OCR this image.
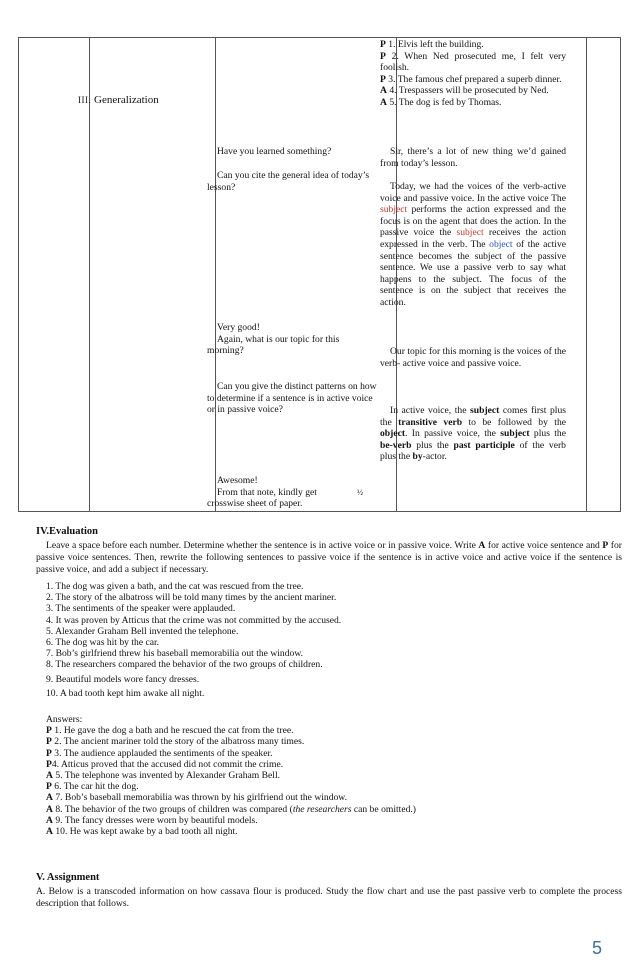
III. Generalization
P 1. Elvis left the building.
P 2. When Ned prosecuted me, I felt very foolish.
P 3. The famous chef prepared a superb dinner.
A 4. Trespassers will be prosecuted by Ned.
A 5. The dog is fed by Thomas.

Have you learned something?

Can you cite the general idea of today’s lesson?

Sir, there’s a lot of new thing we’d gained from today’s lesson.

Today, we had the voices of the verb-active voice and passive voice. In the active voice The subject performs the action expressed and the focus is on the agent that does the action. In the passive voice the subject receives the action expressed in the verb. The object of the active sentence becomes the subject of the passive sentence. We use a passive verb to say what happens to the subject. The focus of the sentence is on the subject that receives the action.

Very good!

Again, what is our topic for this morning?	Our topic for this morning is the voices of the verb- active voice and passive voice.

Can you give the distinct patterns on how to determine if a sentence is in active voice or in passive voice?	In active voice, the subject comes first plus the transitive verb to be followed by the object. In passive voice, the subject plus the be-verb plus the past participle of the verb plus the by-actor.

Awesome!

From that note, kindly get

crosswise sheet of paper.

½
IV.Evaluation
Leave a space before each number. Determine whether the sentence is in active voice or in passive voice. Write A for active voice sentence and P for passive voice sentences. Then, rewrite the following sentences to passive voice if the sentence is in active voice and active voice if the sentence is passive voice, and add a subject if necessary.
1. The dog was given a bath, and the cat was rescued from the tree.
2. The story of the albatross will be told many times by the ancient mariner.
3. The sentiments of the speaker were applauded.
4. It was proven by Atticus that the crime was not committed by the accused.
5. Alexander Graham Bell invented the telephone.
6. The dog was hit by the car.
7. Bob’s girlfriend threw his baseball memorabilia out the window.
8. The researchers compared the behavior of the two groups of children.
9. Beautiful models wore fancy dresses.
10. A bad tooth kept him awake all night.
Answers:
P 1. He gave the dog a bath and he rescued the cat from the tree.
P 2. The ancient mariner told the story of the albatross many times.
P 3. The audience applauded the sentiments of the speaker.
P4. Atticus proved that the accused did not commit the crime.
A 5. The telephone was invented by Alexander Graham Bell.
P 6. The car hit the dog.
A 7. Bob’s baseball memorabilia was thrown by his girlfriend out the window.
A 8. The behavior of the two groups of children was compared (the researchers can be omitted.)
A 9. The fancy dresses were worn by beautiful models.
A 10. He was kept awake by a bad tooth all night.
V. Assignment
A. Below is a transcoded information on how cassava flour is produced. Study the flow chart and use the past passive verb to complete the process description that follows.
5
